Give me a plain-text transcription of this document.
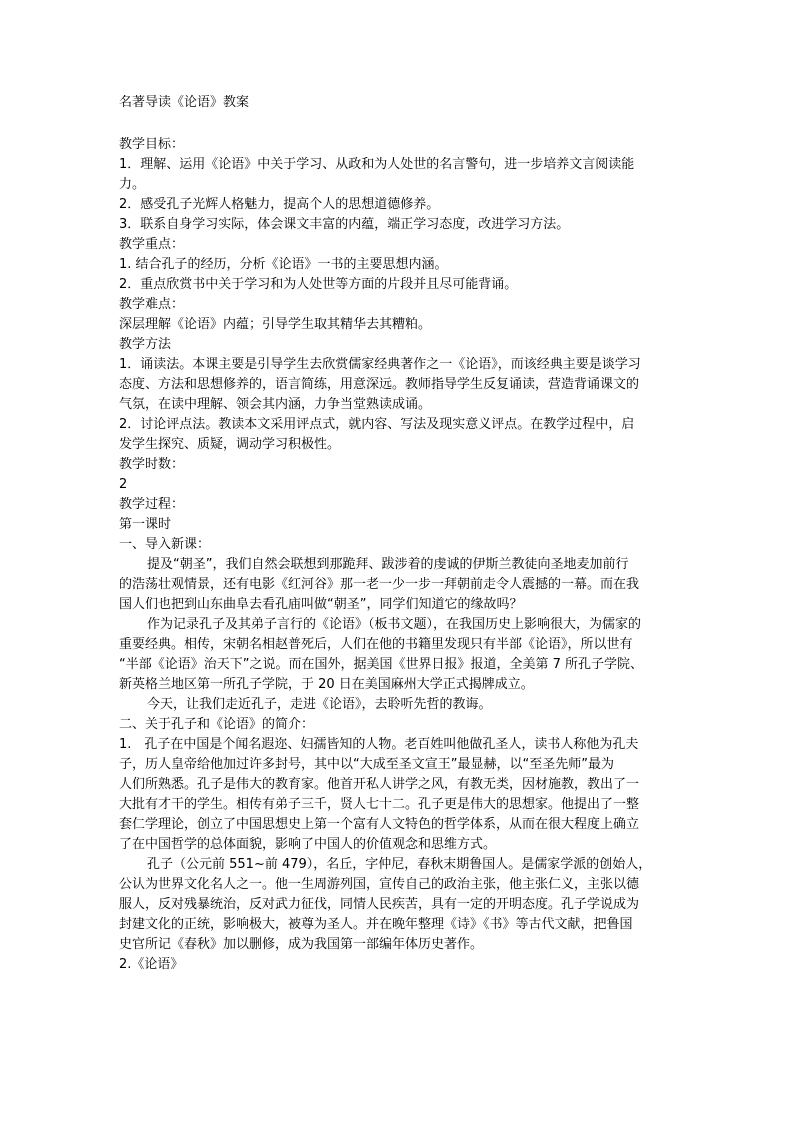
名著导读《论语》教案
教学目标：
1．理解、运用《论语》中关于学习、从政和为人处世的名言警句，进一步培养文言阅读能
力。
2．感受孔子光辉人格魅力，提高个人的思想道德修养。
3．联系自身学习实际，体会课文丰富的内蕴，端正学习态度，改进学习方法。
教学重点：
1. 结合孔子的经历，分析《论语》一书的主要思想内涵。
2．重点欣赏书中关于学习和为人处世等方面的片段并且尽可能背诵。
教学难点：
深层理解《论语》内蕴；引导学生取其精华去其糟粕。
教学方法
1．诵读法。本课主要是引导学生去欣赏儒家经典著作之一《论语》，而该经典主要是谈学习
态度、方法和思想修养的，语言简练，用意深远。教师指导学生反复诵读，营造背诵课文的
气氛，在读中理解、领会其内涵，力争当堂熟读成诵。
2．讨论评点法。教读本文采用评点式，就内容、写法及现实意义评点。在教学过程中，启
发学生探究、质疑，调动学习积极性。
教学时数：
2
教学过程：
第一课时
一、导入新课：
提及“朝圣”，我们自然会联想到那跪拜、跋涉着的虔诚的伊斯兰教徒向圣地麦加前行
的浩荡壮观情景，还有电影《红河谷》那一老一少一步一拜朝前走令人震撼的一幕。而在我
国人们也把到山东曲阜去看孔庙叫做“朝圣”，同学们知道它的缘故吗？
作为记录孔子及其弟子言行的《论语》（板书文题），在我国历史上影响很大，为儒家的
重要经典。相传，宋朝名相赵普死后，人们在他的书籍里发现只有半部《论语》，所以世有
“半部《论语》治天下”之说。而在国外，据美国《世界日报》报道，全美第 7 所孔子学院、
新英格兰地区第一所孔子学院，于 20 日在美国麻州大学正式揭牌成立。
今天，让我们走近孔子，走进《论语》，去聆听先哲的教诲。
二、关于孔子和《论语》的简介：
1.　孔子在中国是个闻名遐迩、妇孺皆知的人物。老百姓叫他做孔圣人，读书人称他为孔夫
子，历人皇帝给他加过许多封号，其中以“大成至圣文宣王”最显赫，以“至圣先师”最为
人们所熟悉。孔子是伟大的教育家。他首开私人讲学之风，有教无类，因材施教，教出了一
大批有才干的学生。相传有弟子三千，贤人七十二。孔子更是伟大的思想家。他提出了一整
套仁学理论，创立了中国思想史上第一个富有人文特色的哲学体系，从而在很大程度上确立
了在中国哲学的总体面貌，影响了中国人的价值观念和思维方式。
孔子（公元前 551~前 479），名丘，字仲尼，春秋末期鲁国人。是儒家学派的创始人，
公认为世界文化名人之一。他一生周游列国，宣传自己的政治主张，他主张仁义，主张以德
服人，反对残暴统治，反对武力征伐，同情人民疾苦，具有一定的开明态度。孔子学说成为
封建文化的正统，影响极大，被尊为圣人。并在晚年整理《诗》《书》等古代文献，把鲁国
史官所记《春秋》加以删修，成为我国第一部编年体历史著作。
2.《论语》
